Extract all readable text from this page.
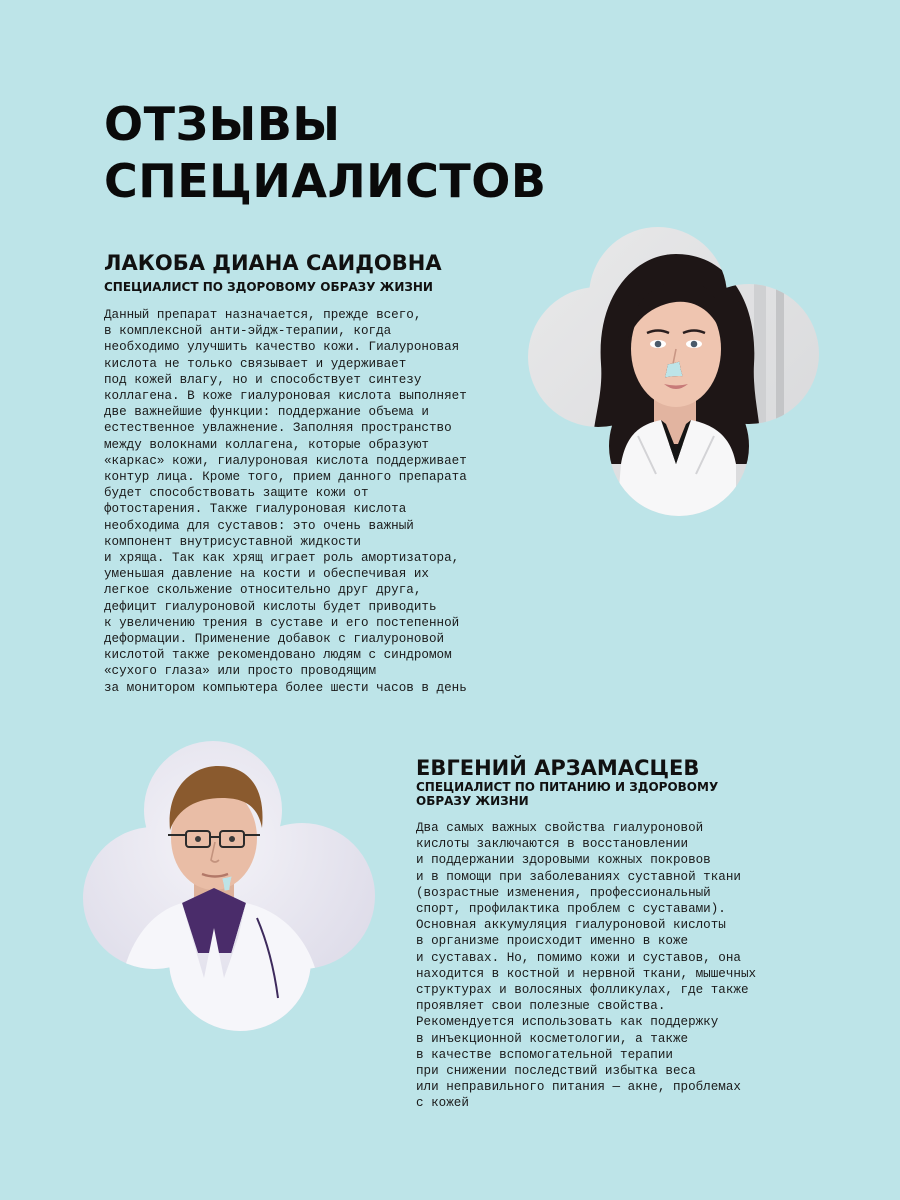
ОТЗЫВЫ
СПЕЦИАЛИСТОВ
ЛАКОБА ДИАНА САИДОВНА

СПЕЦИАЛИСТ ПО ЗДОРОВОМУ ОБРАЗУ ЖИЗНИ

Данный препарат назначается, прежде всего,
в комплексной анти-эйдж-терапии, когда
необходимо улучшить качество кожи. Гиалуроновая
кислота не только связывает и удерживает
под кожей влагу, но и способствует синтезу
коллагена. В коже гиалуроновая кислота выполняет
две важнейшие функции: поддержание объема и
естественное увлажнение. Заполняя пространство
между волокнами коллагена, которые образуют
«каркас» кожи, гиалуроновая кислота поддерживает
контур лица. Кроме того, прием данного препарата
будет способствовать защите кожи от
фотостарения. Также гиалуроновая кислота
необходима для суставов: это очень важный
компонент внутрисуставной жидкости
и хряща. Так как хрящ играет роль амортизатора,
уменьшая давление на кости и обеспечивая их
легкое скольжение относительно друг друга,
дефицит гиалуроновой кислоты будет приводить
к увеличению трения в суставе и его постепенной
деформации. Применение добавок с гиалуроновой
кислотой также рекомендовано людям с синдромом
«сухого глаза» или просто проводящим
за монитором компьютера более шести часов в день
ЕВГЕНИЙ АРЗАМАСЦЕВ

СПЕЦИАЛИСТ ПО ПИТАНИЮ И ЗДОРОВОМУ
ОБРАЗУ ЖИЗНИ

Два самых важных свойства гиалуроновой
кислоты заключаются в восстановлении
и поддержании здоровыми кожных покровов
и в помощи при заболеваниях суставной ткани
(возрастные изменения, профессиональный
спорт, профилактика проблем с суставами).
Основная аккумуляция гиалуроновой кислоты
в организме происходит именно в коже
и суставах. Но, помимо кожи и суставов, она
находится в костной и нервной ткани, мышечных
структурах и волосяных фолликулах, где также
проявляет свои полезные свойства.
Рекомендуется использовать как поддержку
в инъекционной косметологии, а также
в качестве вспомогательной терапии
при снижении последствий избытка веса
или неправильного питания — акне, проблемах
с кожей
